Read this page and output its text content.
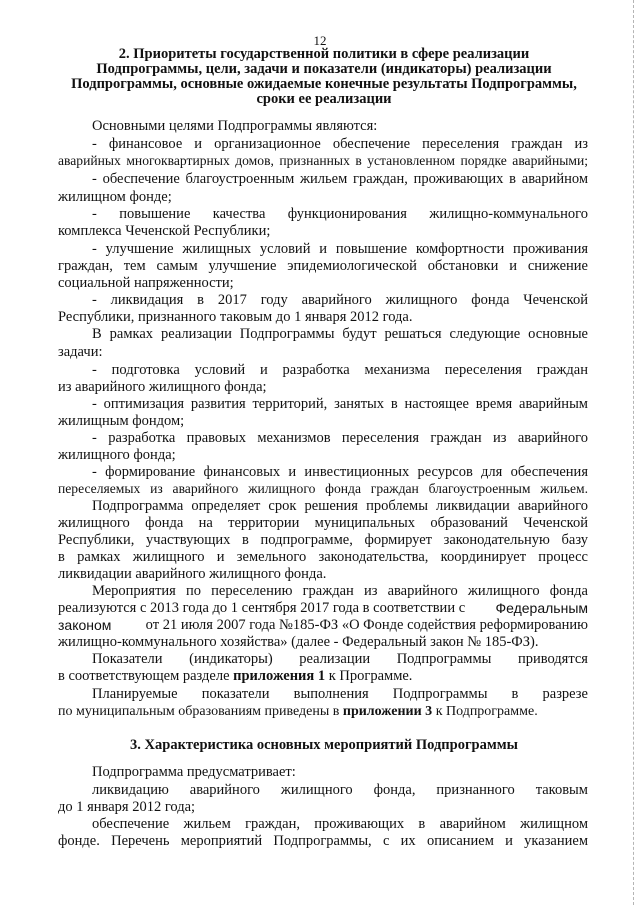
12
2. Приоритеты государственной политики в сфере реализации
Подпрограммы, цели, задачи и показатели (индикаторы) реализации
Подпрограммы, основные ожидаемые конечные результаты Подпрограммы,
сроки ее реализации
Основными целями Подпрограммы являются:
- финансовое и организационное обеспечение переселения граждан из
аварийных многоквартирных домов, признанных в установленном порядке аварийными;
- обеспечение благоустроенным жильем граждан, проживающих в аварийном
жилищном фонде;
- повышение качества функционирования жилищно-коммунального
комплекса Чеченской Республики;
- улучшение жилищных условий и повышение комфортности проживания
граждан, тем самым улучшение эпидемиологической обстановки и снижение
социальной напряженности;
- ликвидация в 2017 году аварийного жилищного фонда Чеченской
Республики, признанного таковым до 1 января 2012 года.
В рамках реализации Подпрограммы будут решаться следующие основные
задачи:
- подготовка условий и разработка механизма переселения граждан
из аварийного жилищного фонда;
- оптимизация развития территорий, занятых в настоящее время аварийным
жилищным фондом;
- разработка правовых механизмов переселения граждан из аварийного
жилищного фонда;
- формирование финансовых и инвестиционных ресурсов для обеспечения
переселяемых из аварийного жилищного фонда граждан благоустроенным жильем.
Подпрограмма определяет срок решения проблемы ликвидации аварийного
жилищного фонда на территории муниципальных образований Чеченской
Республики, участвующих в подпрограмме, формирует законодательную базу
в рамках жилищного и земельного законодательства, координирует процесс
ликвидации аварийного жилищного фонда.
Мероприятия по переселению граждан из аварийного жилищного фонда
реализуются с 2013 года до 1 сентября 2017 года в соответствии с Федеральным
законом от 21 июля 2007 года №185-ФЗ «О Фонде содействия реформированию
жилищно-коммунального хозяйства» (далее - Федеральный закон № 185-ФЗ).
Показатели (индикаторы) реализации Подпрограммы приводятся
в соответствующем разделе приложения 1 к Программе.
Планируемые показатели выполнения Подпрограммы в разрезе
по муниципальным образованиям приведены в приложении 3 к Подпрограмме.
3. Характеристика основных мероприятий Подпрограммы
Подпрограмма предусматривает:
ликвидацию аварийного жилищного фонда, признанного таковым
до 1 января 2012 года;
обеспечение жильем граждан, проживающих в аварийном жилищном
фонде. Перечень мероприятий Подпрограммы, с их описанием и указанием
